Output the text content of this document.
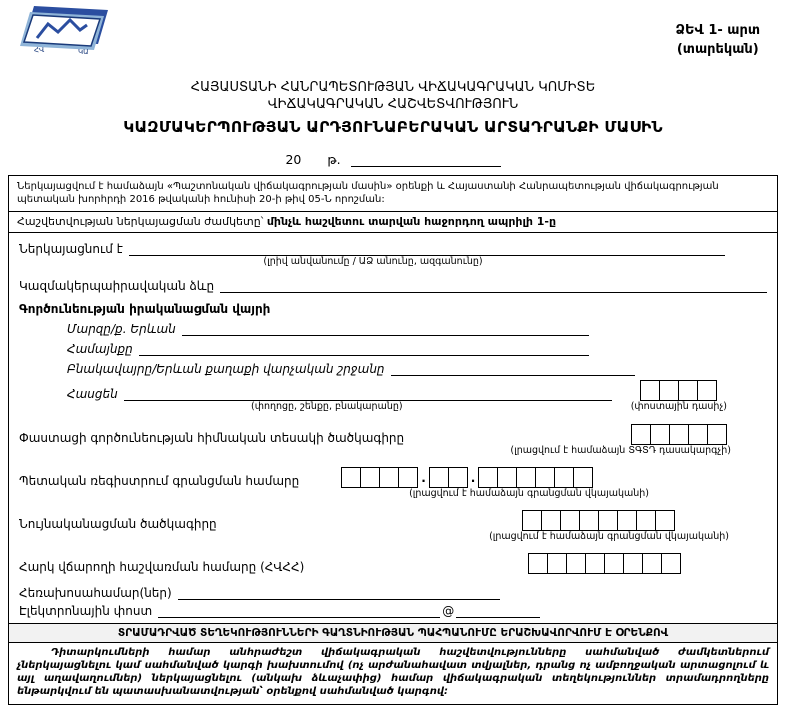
ՀՎ	ԿԱ
ՁԵՎ 1- արտ
(տարեկան)
ՀԱՅԱՍՏԱՆԻ ՀԱՆՐԱՊԵՏՈՒԹՅԱՆ ՎԻՃԱԿԱԳՐԱԿԱՆ ԿՈՄԻՏԵ
ՎԻՃԱԿԱԳՐԱԿԱՆ ՀԱՇՎԵՏՎՈՒԹՅՈՒՆ
ԿԱԶՄԱԿԵՐՊՈՒԹՅԱՆ ԱՐԴՅՈՒՆԱԲԵՐԱԿԱՆ ԱՐՏԱԴՐԱՆՔԻ ՄԱՍԻՆ
20 թ.
Ներկայացվում է համաձայն «Պաշտոնական վիճակագրության մասին» օրենքի և Հայաստանի Հանրապետության վիճակագրության պետական խորհրդի 2016 թվականի հունիսի 20-ի թիվ 05-Ն որոշման:
Հաշվետվության ներկայացման ժամկետը՝ մինչև հաշվետու տարվան հաջորդող ապրիլի 1-ը
Ներկայացնում է
(լրիվ անվանումը / ԱՁ անունը, ազգանունը)
Կազմակերպաիրավական ձևը
Գործունեության իրականացման վայրի
Մարզը/ք. Երևան
Համայնքը
Բնակավայրը/Երևան քաղաքի վարչական շրջանը
Հասցեն
(փողոցը, շենքը, բնակարանը)	(փոստային դասիչ)
Փաստացի գործունեության հիմնական տեսակի ծածկագիրը
(լրացվում է համաձայն ՏԳՏԴ դասակարգչի)
Պետական ռեգիստրում գրանցման համարը	.	.
(լրացվում է համաձայն գրանցման վկայականի)
Նույնականացման ծածկագիրը
(լրացվում է համաձայն գրանցման վկայականի)
Հարկ վճարողի հաշվառման համարը (ՀՎՀՀ)
Հեռախոսահամար(ներ)
Էլեկտրոնային փոստ	@
ՏՐԱՄԱԴՐՎԱԾ ՏԵՂԵԿՈՒԹՅՈՒՆՆԵՐԻ ԳԱՂՏՆԻՈՒԹՅԱՆ ՊԱՀՊԱՆՈՒՄԸ ԵՐԱՇԽԱՎՈՐՎՈՒՄ Է ՕՐԵՆՔՈՎ
Դիտարկումների համար անհրաժեշտ վիճակագրական հաշվետվությունները սահմանված ժամկետներում չներկայացնելու կամ սահմանված կարգի խախտումով (ոչ արժանահավատ տվյալներ, դրանց ոչ ամբողջական արտացոլում և այլ աղավաղումներ) ներկայացնելու (անկախ ձևաչափից) համար վիճակագրական տեղեկություններ տրամադրողները ենթարկվում են պատասխանատվության՝ օրենքով սահմանված կարգով:
